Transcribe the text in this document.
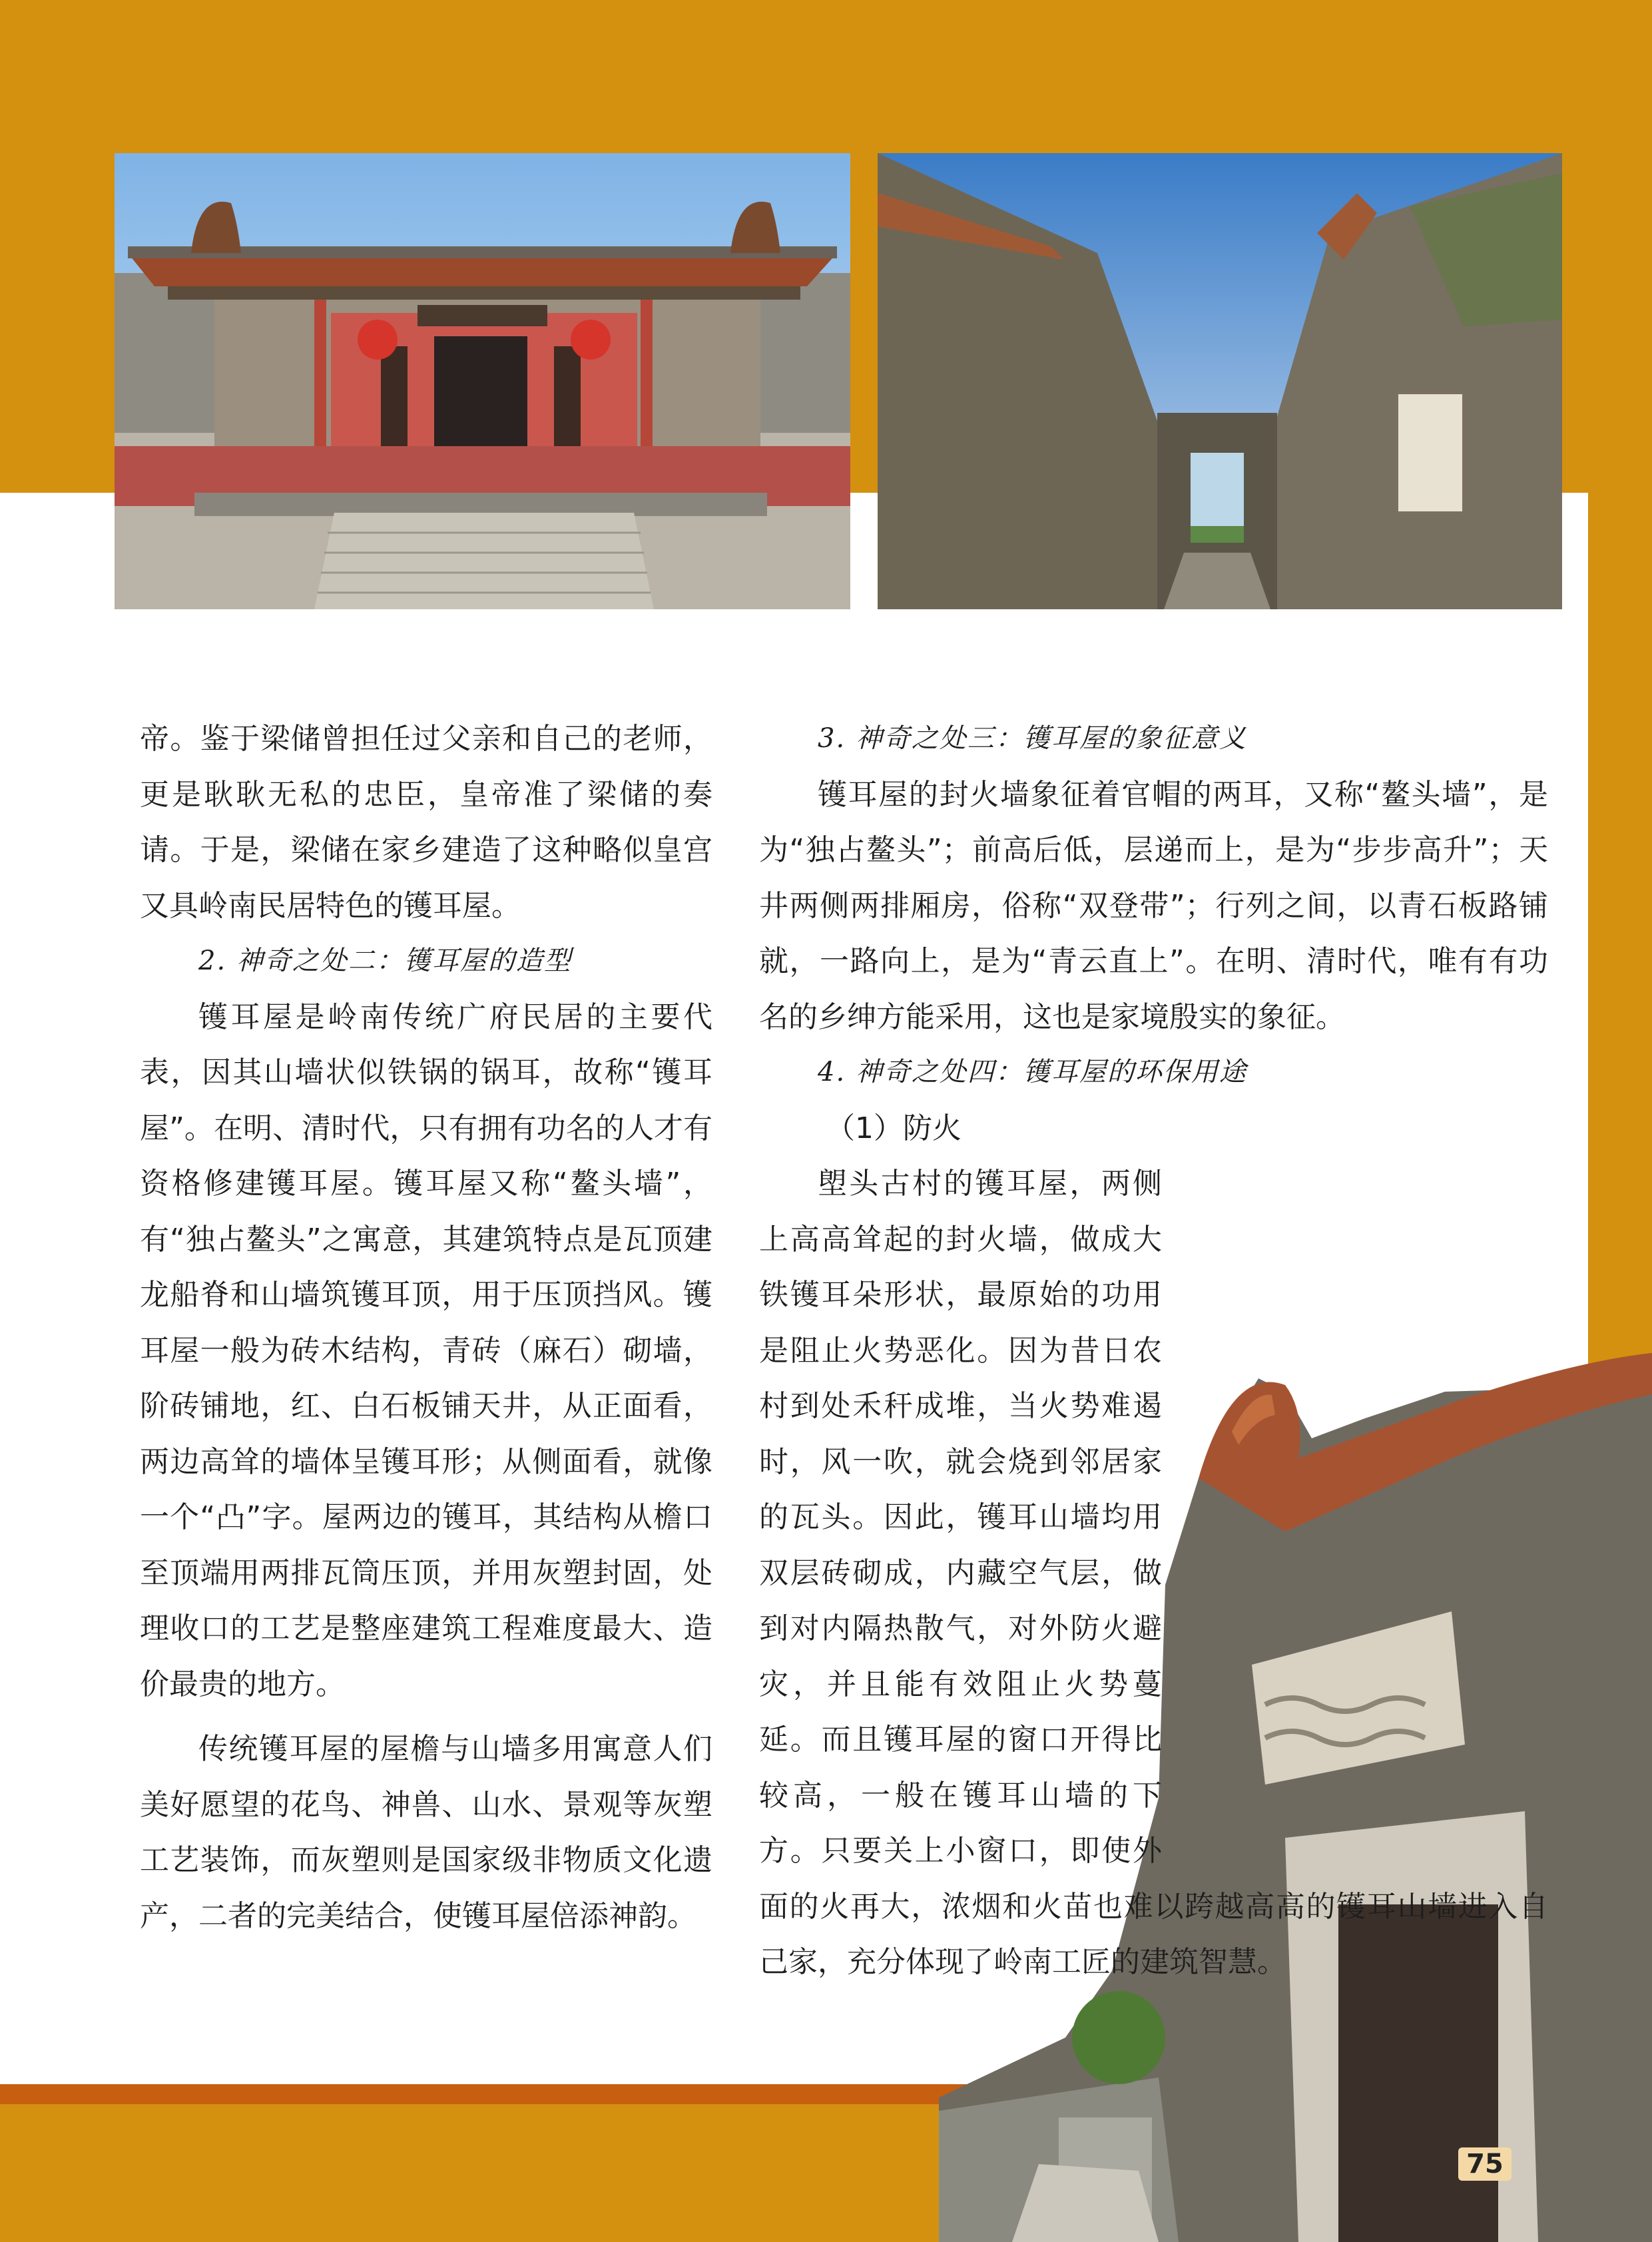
帝。鉴于梁储曾担任过父亲和自己的老师，更是耿耿无私的忠臣，皇帝准了梁储的奏请。于是，梁储在家乡建造了这种略似皇宫又具岭南民居特色的镬耳屋。

2. 神奇之处二：镬耳屋的造型

镬耳屋是岭南传统广府民居的主要代表，因其山墙状似铁锅的锅耳，故称“镬耳屋”。在明、清时代，只有拥有功名的人才有资格修建镬耳屋。镬耳屋又称“鳌头墙”，有“独占鳌头”之寓意，其建筑特点是瓦顶建龙船脊和山墙筑镬耳顶，用于压顶挡风。镬耳屋一般为砖木结构，青砖（麻石）砌墙，阶砖铺地，红、白石板铺天井，从正面看，两边高耸的墙体呈镬耳形；从侧面看，就像一个“凸”字。屋两边的镬耳，其结构从檐口至顶端用两排瓦筒压顶，并用灰塑封固，处理收口的工艺是整座建筑工程难度最大、造价最贵的地方。

传统镬耳屋的屋檐与山墙多用寓意人们美好愿望的花鸟、神兽、山水、景观等灰塑工艺装饰，而灰塑则是国家级非物质文化遗产，二者的完美结合，使镬耳屋倍添神韵。

3. 神奇之处三：镬耳屋的象征意义

镬耳屋的封火墙象征着官帽的两耳，又称“鳌头墙”，是为“独占鳌头”；前高后低，层递而上，是为“步步高升”；天井两侧两排厢房，俗称“双登带”；行列之间，以青石板路铺就，一路向上，是为“青云直上”。在明、清时代，唯有有功名的乡绅方能采用，这也是家境殷实的象征。

4. 神奇之处四：镬耳屋的环保用途

（1）防火

塱头古村的镬耳屋，两侧上高高耸起的封火墙，做成大铁镬耳朵形状，最原始的功用是阻止火势恶化。因为昔日农村到处禾秆成堆，当火势难遏时，风一吹，就会烧到邻居家的瓦头。因此，镬耳山墙均用双层砖砌成，内藏空气层，做到对内隔热散气，对外防火避灾，并且能有效阻止火势蔓延。而且镬耳屋的窗口开得比较高，一般在镬耳山墙的下方。只要关上小窗口，即使外面的火再大，浓烟和火苗也难以跨越高高的镬耳山墙进入自己家，充分体现了岭南工匠的建筑智慧。

75
